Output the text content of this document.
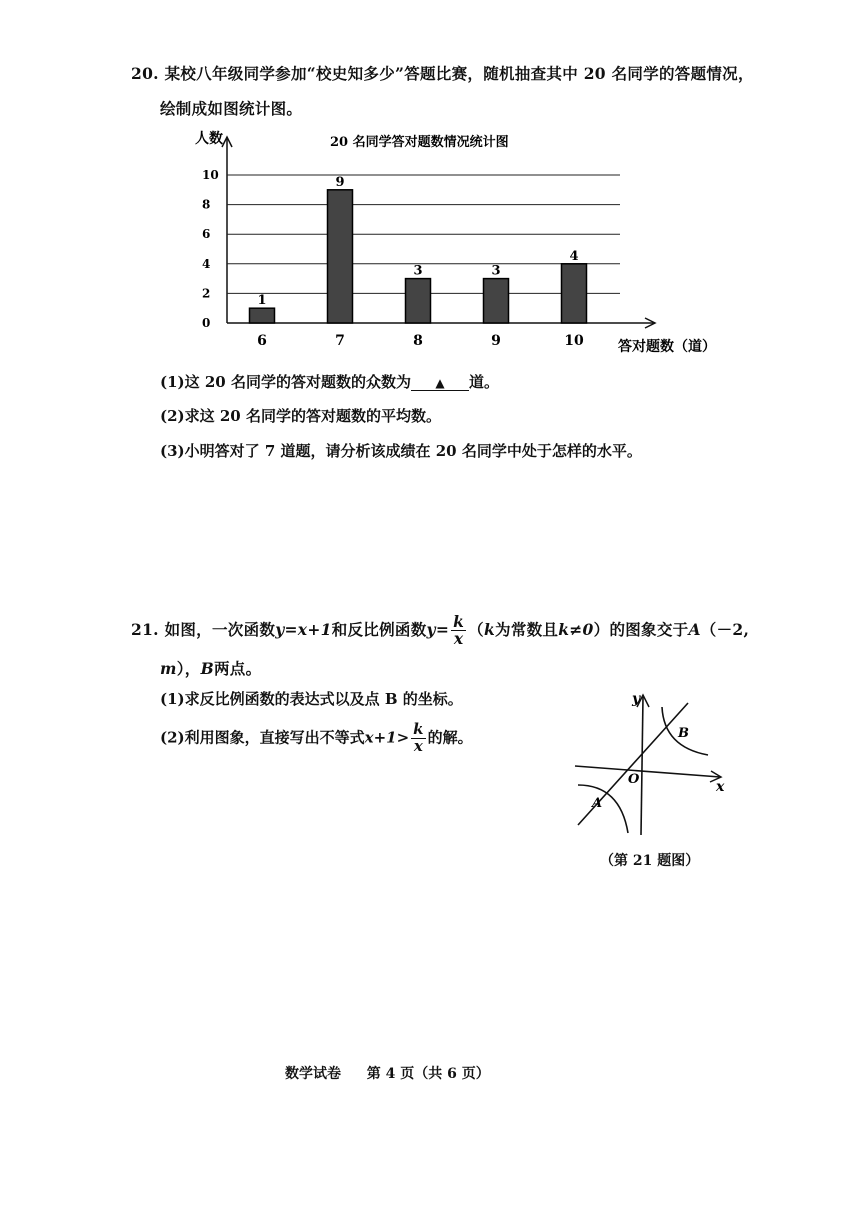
20. 某校八年级同学参加“校史知多少”答题比赛，随机抽查其中 20 名同学的答题情况，
绘制成如图统计图。
人数	20 名同学答对题数情况统计图
0
2
4
6
8
10
1
9
3	3
4
6	7	8	9	10 答对题数（道）
(1)这 20 名同学的答对题数的众数为 ▲ 道。
(2)求这 20 名同学的答对题数的平均数。
(3)小明答对了 7 道题，请分析该成绩在 20 名同学中处于怎样的水平。
21. 如图，一次函数y=x+1和反比例函数$y= \frac{k}{x} (k$为常数且k≠0）的图象交于A（－2,
m），B两点。
(1)求反比例函数的表达式以及点 B 的坐标。
(2)利用图象，直接写出不等式$x+1> \frac{k}{x}$ 的解。
y
x
O
A
B
（第 21 题图）
数学试卷 第 4 页（共 6 页）
